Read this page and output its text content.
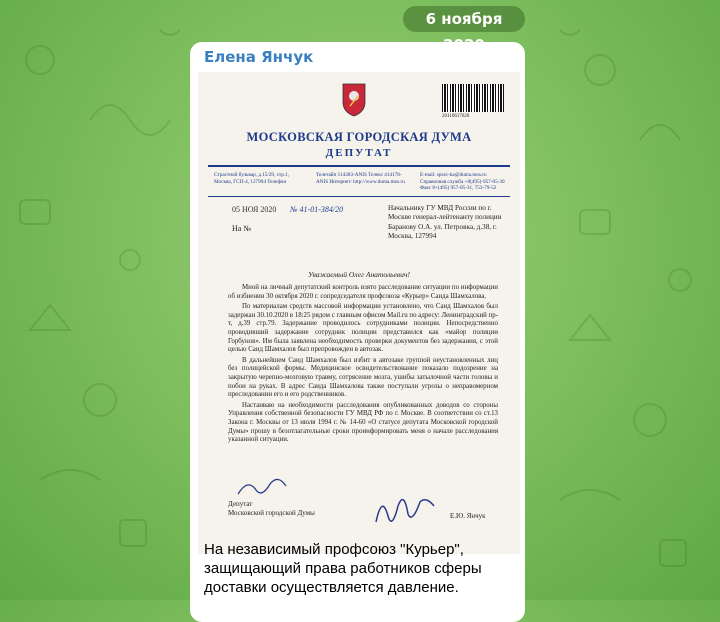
6 ноября
Елена Янчук
20110617020
МОСКОВСКАЯ ГОРОДСКАЯ ДУМА
ДЕПУТАТ
Страстной бульвар, д.15/29, стр.1, Москва, ГСП-4, 127994 Телефон
Телетайп 114383-ANIS Телекс 414178-ANIS Интернет: http://www.duma.mos.ru
E-mail: sprav-ka@duma.mos.ru Справочная служба +8(495)-957-05-30 Факс 8+(495) 957-05-31, 753-79-52
05 НОЯ 2020 № 41-01-384/20
На №
Начальнику ГУ МВД России по г. Москве генерал-лейтенанту полиции Баранову О.А. ул. Петровка, д.38, г. Москва, 127994
Уважаемый Олег Анатольевич!

Мной на личный депутатский контроль взято расследование ситуации по информации об избиении 30 октября 2020 г. сопредседателя профсоюза «Курьер» Саида Шамхалова.

По материалам средств массовой информации установлено, что Саид Шамхалов был задержан 30.10.2020 в 18:25 рядом с главным офисом Mail.ru по адресу: Ленинградский пр-т, д.39 стр.79. Задержание проводилось сотрудниками полиции. Непосредственно проводивший задержание сотрудник полиции представился как «майор полиции Горбунов». Им была заявлена необходимость проверки документов без задержания, с этой целью Саид Шамхалов был препровожден в автозак.

В дальнейшем Саид Шамхалов был избит в автозаке группой неустановленных лиц без полицейской формы. Медицинское освидетельствование показало подозрение на закрытую черепно-мозговую травму, сотрясение мозга, ушибы затылочной части головы и побои на руках. В адрес Саида Шамхалова также поступали угрозы о неправомерном преследовании его и его родственников.

Настаиваю на необходимости расследования опубликованных доводов со стороны Управления собственной безопасности ГУ МВД РФ по г. Москве. В соответствии со ст.13 Закона г. Москвы от 13 июля 1994 г. № 14-60 «О статусе депутата Московской городской Думы» прошу в безотлагательные сроки проинформировать меня о начале расследования указанной ситуации.

Депутат
Московской городской Думы	Е.Ю. Янчук
На независимый профсоюз "Курьер", защищающий права работников сферы доставки осуществляется давление.
